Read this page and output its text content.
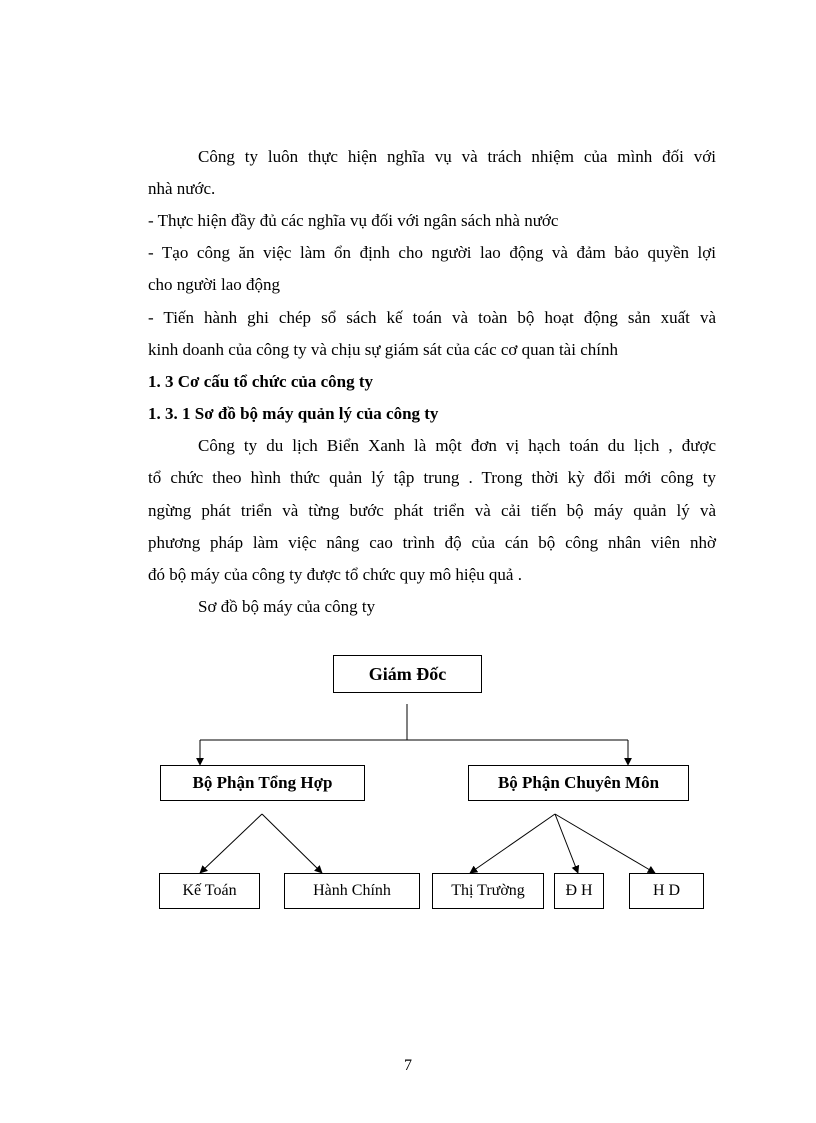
Công ty luôn thực hiện nghĩa vụ và trách nhiệm của mình đối với
nhà nước.
- Thực hiện đầy đủ các nghĩa vụ đối với ngân sách nhà nước
- Tạo công ăn việc làm ổn định cho người lao động và đảm bảo quyền lợi
cho người lao động
- Tiến hành ghi chép sổ sách kế toán và toàn bộ hoạt động sản xuất và
kinh doanh của công ty và chịu sự giám sát của các cơ quan tài chính
1. 3 Cơ cấu tổ chức của công ty
1. 3. 1 Sơ đồ bộ máy quản lý của công ty
Công ty du lịch Biển Xanh là một đơn vị hạch toán du lịch , được
tổ chức theo hình thức quản lý tập trung . Trong thời kỳ đổi mới công ty
ngừng phát triển và từng bước phát triển và cải tiến bộ máy quản lý và
phương pháp làm việc nâng cao trình độ của cán bộ công nhân viên nhờ
đó bộ máy của công ty được tổ chức quy mô hiệu quả .
Sơ đồ bộ máy của công ty
Giám Đốc
Bộ Phận Tổng Hợp	Bộ Phận Chuyên Môn
Kế Toán	Hành Chính	Thị Trường	Đ H	H D
7
